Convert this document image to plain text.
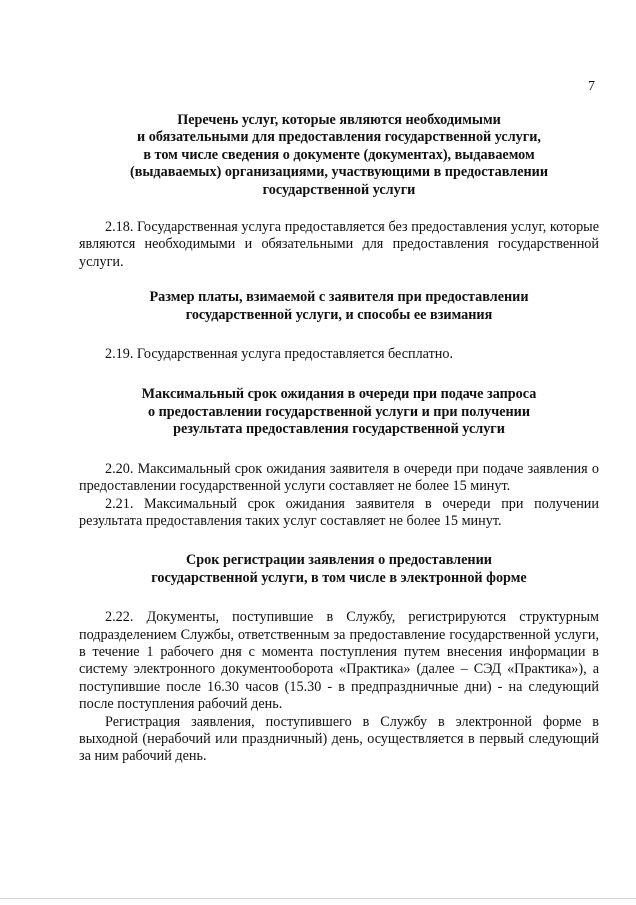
7
Перечень услуг, которые являются необходимыми
и обязательными для предоставления государственной услуги,
в том числе сведения о документе (документах), выдаваемом
(выдаваемых) организациями, участвующими в предоставлении
государственной услуги

2.18. Государственная услуга предоставляется без предоставления услуг, которые являются необходимыми и обязательными для предоставления государственной услуги.

Размер платы, взимаемой с заявителя при предоставлении
государственной услуги, и способы ее взимания

2.19. Государственная услуга предоставляется бесплатно.

Максимальный срок ожидания в очереди при подаче запроса
о предоставлении государственной услуги и при получении
результата предоставления государственной услуги

2.20. Максимальный срок ожидания заявителя в очереди при подаче заявления о предоставлении государственной услуги составляет не более 15 минут.

2.21. Максимальный срок ожидания заявителя в очереди при получении результата предоставления таких услуг составляет не более 15 минут.

Срок регистрации заявления о предоставлении
государственной услуги, в том числе в электронной форме

2.22. Документы, поступившие в Службу, регистрируются структурным подразделением Службы, ответственным за предоставление государственной услуги, в течение 1 рабочего дня с момента поступления путем внесения информации в систему электронного документооборота «Практика» (далее – СЭД «Практика»), а поступившие после 16.30 часов (15.30 - в предпраздничные дни) - на следующий после поступления рабочий день.

Регистрация заявления, поступившего в Службу в электронной форме в выходной (нерабочий или праздничный) день, осуществляется в первый следующий за ним рабочий день.
